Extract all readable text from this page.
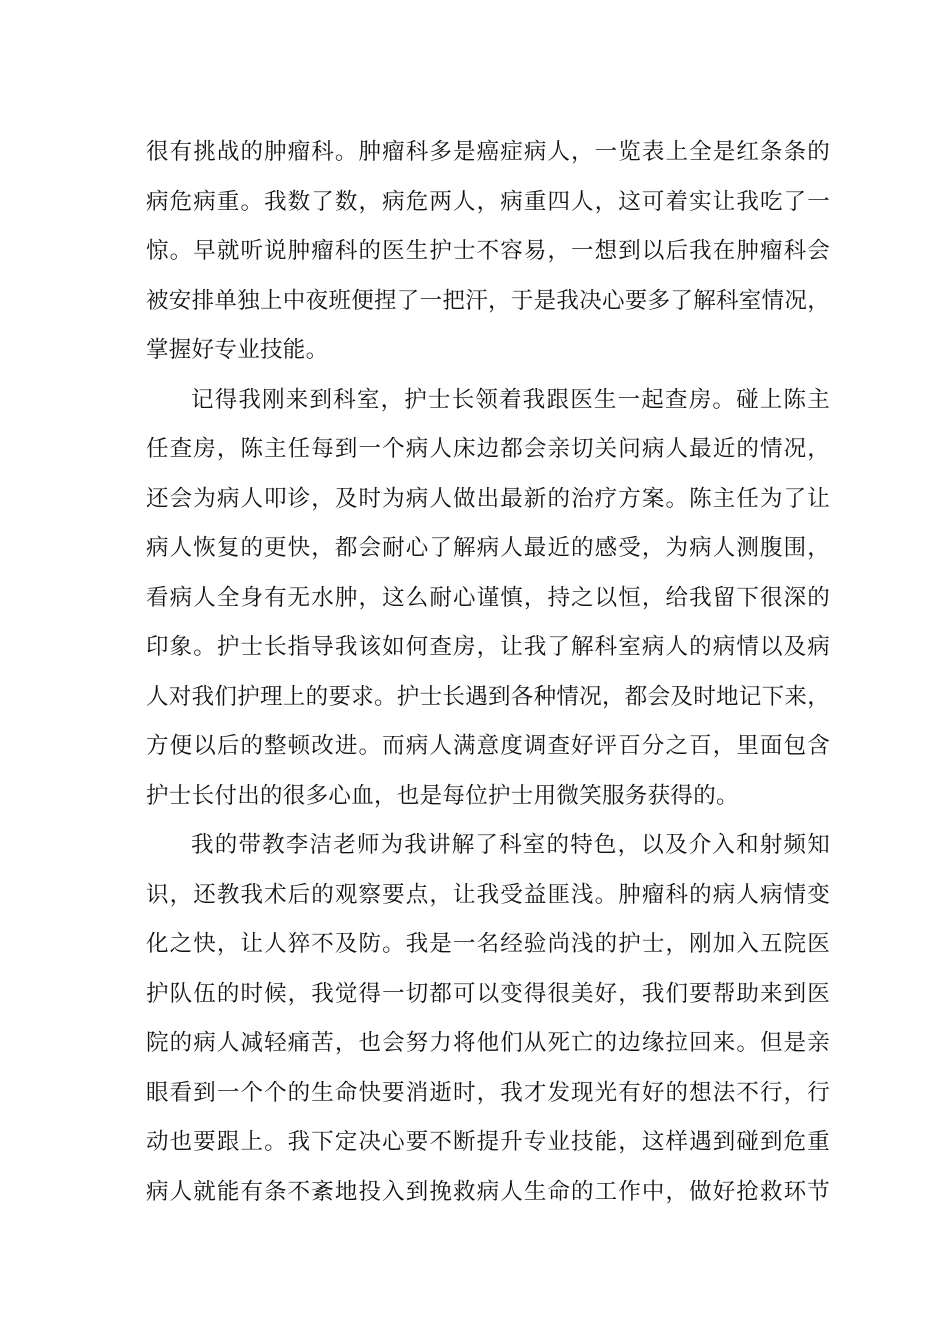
很有挑战的肿瘤科。肿瘤科多是癌症病人，一览表上全是红条条的
病危病重。我数了数，病危两人，病重四人，这可着实让我吃了一
惊。早就听说肿瘤科的医生护士不容易，一想到以后我在肿瘤科会
被安排单独上中夜班便捏了一把汗，于是我决心要多了解科室情况，
掌握好专业技能。
记得我刚来到科室，护士长领着我跟医生一起查房。碰上陈主
任查房，陈主任每到一个病人床边都会亲切关问病人最近的情况，
还会为病人叩诊，及时为病人做出最新的治疗方案。陈主任为了让
病人恢复的更快，都会耐心了解病人最近的感受，为病人测腹围，
看病人全身有无水肿，这么耐心谨慎，持之以恒，给我留下很深的
印象。护士长指导我该如何查房，让我了解科室病人的病情以及病
人对我们护理上的要求。护士长遇到各种情况，都会及时地记下来，
方便以后的整顿改进。而病人满意度调查好评百分之百，里面包含
护士长付出的很多心血，也是每位护士用微笑服务获得的。
我的带教李洁老师为我讲解了科室的特色，以及介入和射频知
识，还教我术后的观察要点，让我受益匪浅。肿瘤科的病人病情变
化之快，让人猝不及防。我是一名经验尚浅的护士，刚加入五院医
护队伍的时候，我觉得一切都可以变得很美好，我们要帮助来到医
院的病人减轻痛苦，也会努力将他们从死亡的边缘拉回来。但是亲
眼看到一个个的生命快要消逝时，我才发现光有好的想法不行，行
动也要跟上。我下定决心要不断提升专业技能，这样遇到碰到危重
病人就能有条不紊地投入到挽救病人生命的工作中，做好抢救环节
